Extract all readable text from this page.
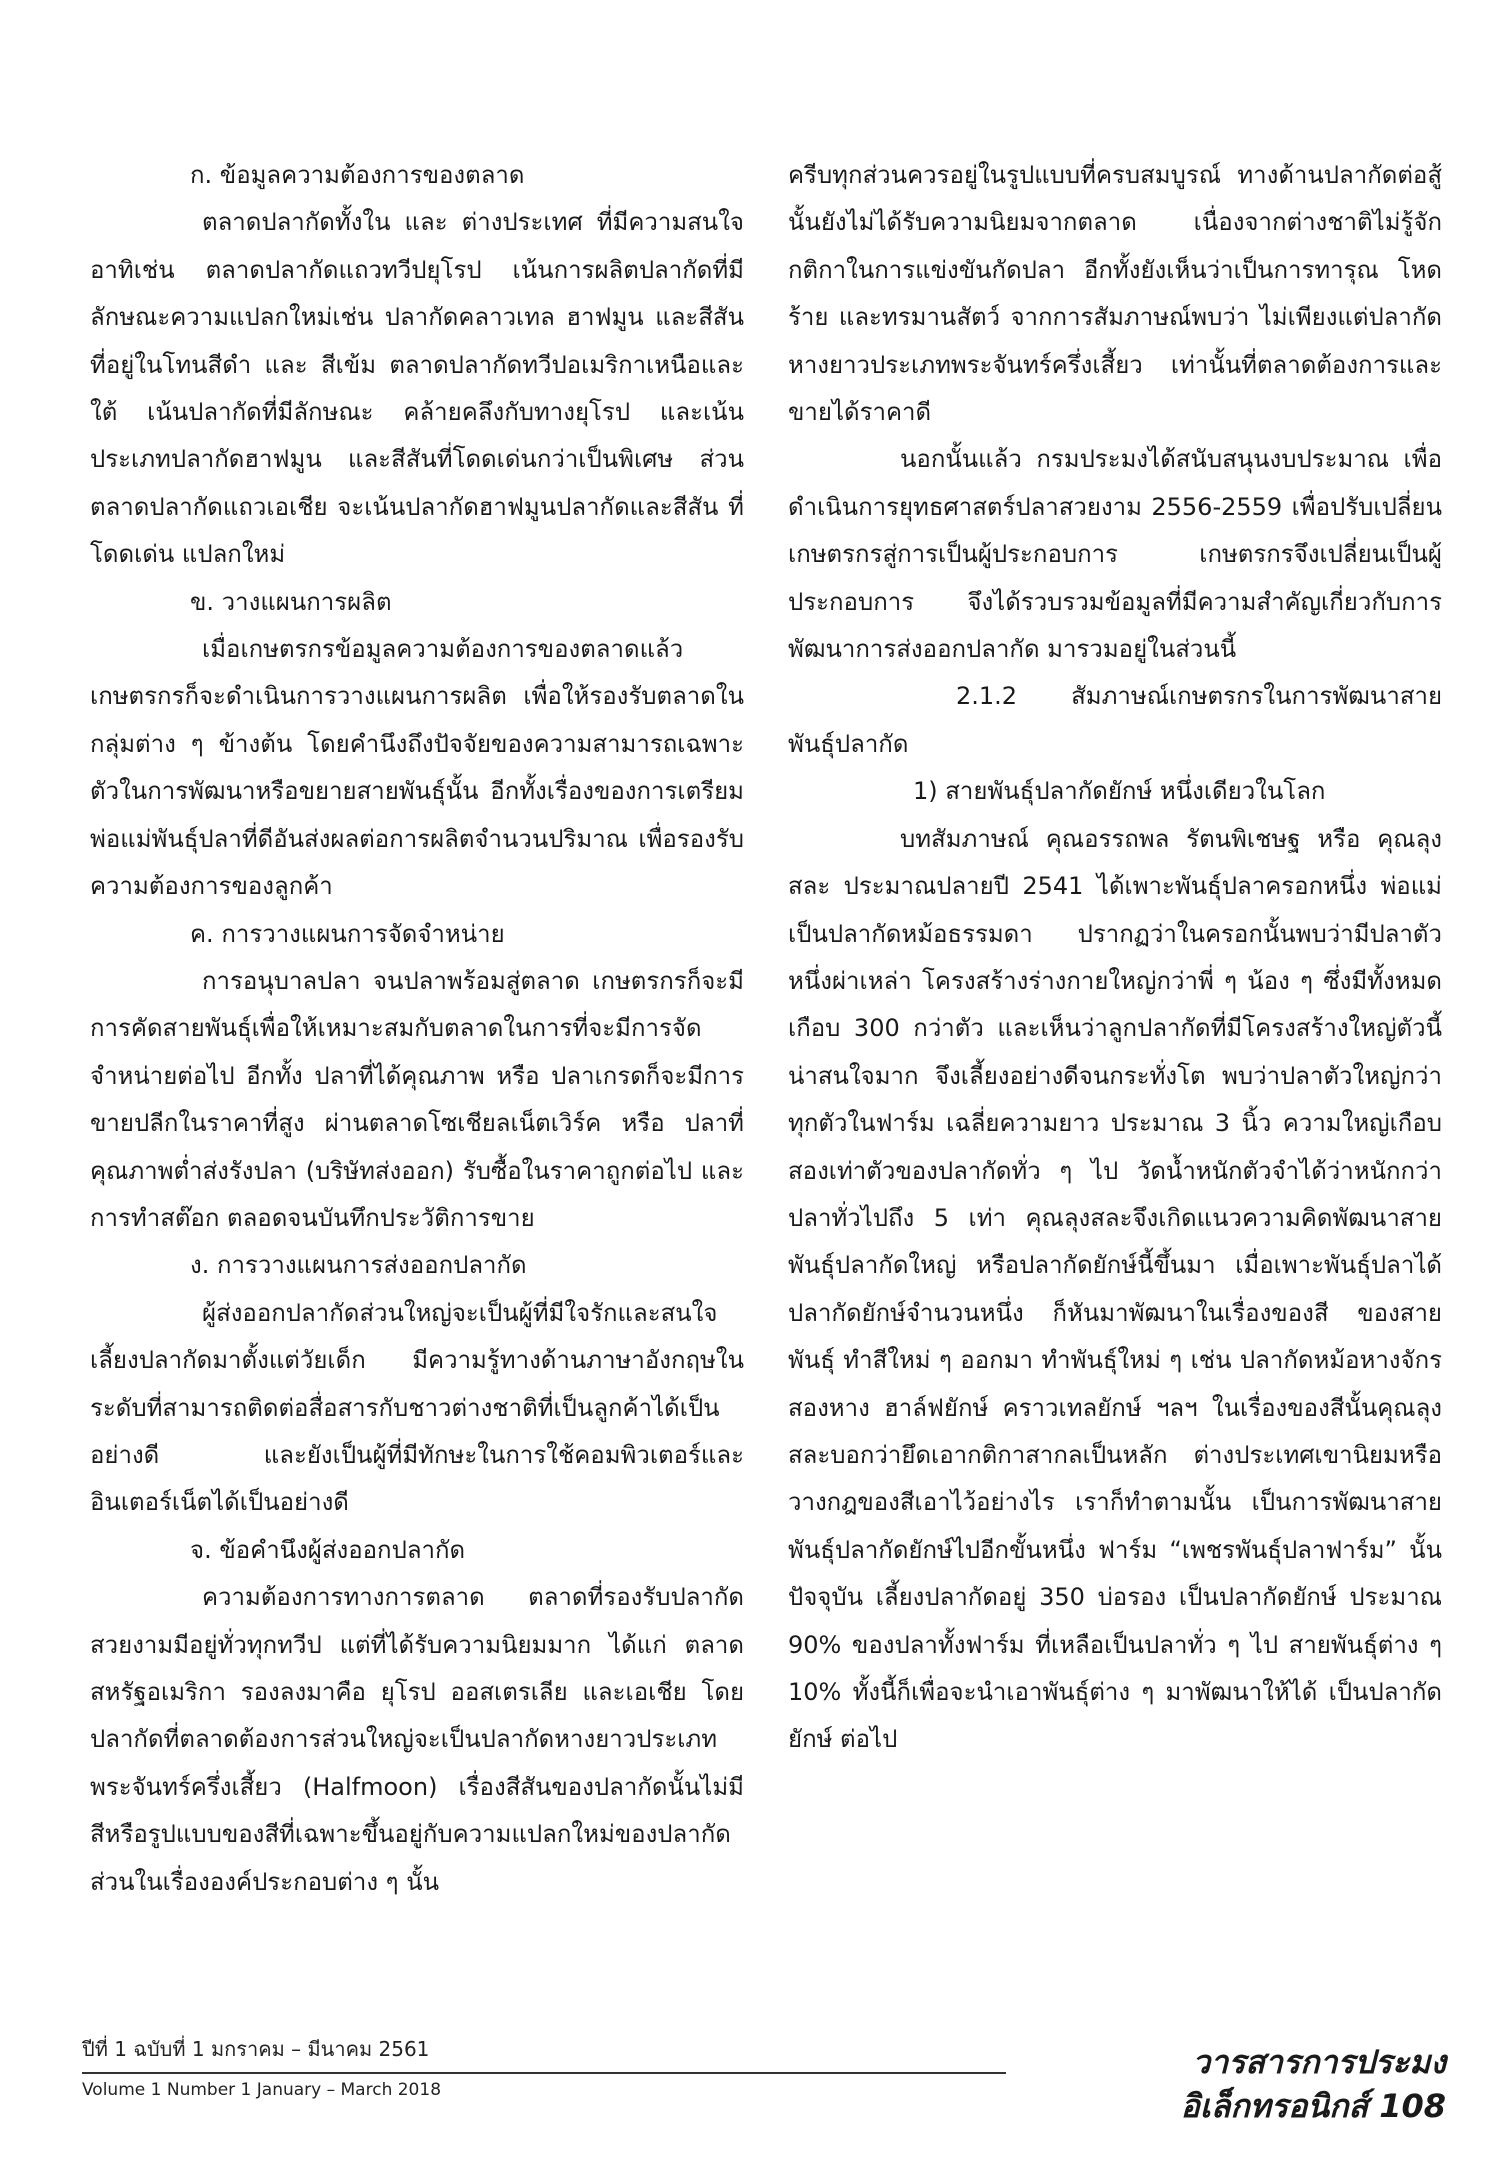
ก. ข้อมูลความต้องการของตลาด

ตลาดปลากัดทั้งใน และ ต่างประเทศ ที่มีความสนใจ อาทิเช่น ตลาดปลากัดแถวทวีปยุโรป เน้นการผลิตปลากัดที่มีลักษณะความแปลกใหม่เช่น ปลากัดคลาวเทล ฮาฟมูน และสีสัน ที่อยู่ในโทนสีดำ และ สีเข้ม ตลาดปลากัดทวีปอเมริกาเหนือและใต้ เน้นปลากัดที่มีลักษณะ คล้ายคลึงกับทางยุโรป และเน้นประเภทปลากัดฮาฟมูน และสีสันที่โดดเด่นกว่าเป็นพิเศษ ส่วนตลาดปลากัดแถวเอเชีย จะเน้นปลากัดฮาฟมูนปลากัดและสีสัน ที่โดดเด่น แปลกใหม่

ข. วางแผนการผลิต

เมื่อเกษตรกรข้อมูลความต้องการของตลาดแล้ว เกษตรกรก็จะดำเนินการวางแผนการผลิต เพื่อให้รองรับตลาดในกลุ่มต่าง ๆ ข้างต้น โดยคำนึงถึงปัจจัยของความสามารถเฉพาะตัวในการพัฒนาหรือขยายสายพันธุ์นั้น อีกทั้งเรื่องของการเตรียมพ่อแม่พันธุ์ปลาที่ดีอันส่งผลต่อการผลิตจำนวนปริมาณ เพื่อรองรับความต้องการของลูกค้า

ค. การวางแผนการจัดจำหน่าย

การอนุบาลปลา จนปลาพร้อมสู่ตลาด เกษตรกรก็จะมีการคัดสายพันธุ์เพื่อให้เหมาะสมกับตลาดในการที่จะมีการจัดจำหน่ายต่อไป อีกทั้ง ปลาที่ได้คุณภาพ หรือ ปลาเกรดก็จะมีการขายปลีกในราคาที่สูง ผ่านตลาดโซเชียลเน็ตเวิร์ค หรือ ปลาที่คุณภาพต่ำส่งรังปลา (บริษัทส่งออก) รับซื้อในราคาถูกต่อไป และการทำสต๊อก ตลอดจนบันทึกประวัติการขาย

ง. การวางแผนการส่งออกปลากัด

ผู้ส่งออกปลากัดส่วนใหญ่จะเป็นผู้ที่มีใจรักและสนใจเลี้ยงปลากัดมาตั้งแต่วัยเด็ก มีความรู้ทางด้านภาษาอังกฤษในระดับที่สามารถติดต่อสื่อสารกับชาวต่างชาติที่เป็นลูกค้าได้เป็นอย่างดี และยังเป็นผู้ที่มีทักษะในการใช้คอมพิวเตอร์และอินเตอร์เน็ตได้เป็นอย่างดี

จ. ข้อคำนึงผู้ส่งออกปลากัด

ความต้องการทางการตลาด ตลาดที่รองรับปลากัดสวยงามมีอยู่ทั่วทุกทวีป แต่ที่ได้รับความนิยมมาก ได้แก่ ตลาดสหรัฐอเมริกา รองลงมาคือ ยุโรป ออสเตรเลีย และเอเชีย โดยปลากัดที่ตลาดต้องการส่วนใหญ่จะเป็นปลากัดหางยาวประเภทพระจันทร์ครึ่งเสี้ยว (Halfmoon) เรื่องสีสันของปลากัดนั้นไม่มีสีหรือรูปแบบของสีที่เฉพาะขึ้นอยู่กับความแปลกใหม่ของปลากัด ส่วนในเรื่ององค์ประกอบต่าง ๆ นั้น

ครีบทุกส่วนควรอยู่ในรูปแบบที่ครบสมบูรณ์ ทางด้านปลากัดต่อสู้นั้นยังไม่ได้รับความนิยมจากตลาด เนื่องจากต่างชาติไม่รู้จักกติกาในการแข่งขันกัดปลา อีกทั้งยังเห็นว่าเป็นการทารุณ โหดร้าย และทรมานสัตว์ จากการสัมภาษณ์พบว่า ไม่เพียงแต่ปลากัดหางยาวประเภทพระจันทร์ครึ่งเสี้ยว เท่านั้นที่ตลาดต้องการและขายได้ราคาดี

นอกนั้นแล้ว กรมประมงได้สนับสนุนงบประมาณ เพื่อดำเนินการยุทธศาสตร์ปลาสวยงาม 2556-2559 เพื่อปรับเปลี่ยนเกษตรกรสู่การเป็นผู้ประกอบการ เกษตรกรจึงเปลี่ยนเป็นผู้ประกอบการ จึงได้รวบรวมข้อมูลที่มีความสำคัญเกี่ยวกับการพัฒนาการส่งออกปลากัด มารวมอยู่ในส่วนนี้

2.1.2 สัมภาษณ์เกษตรกรในการพัฒนาสายพันธุ์ปลากัด

1) สายพันธุ์ปลากัดยักษ์ หนึ่งเดียวในโลก

บทสัมภาษณ์ คุณอรรถพล รัตนพิเชษฐ หรือ คุณลุงสละ ประมาณปลายปี 2541 ได้เพาะพันธุ์ปลาครอกหนึ่ง พ่อแม่เป็นปลากัดหม้อธรรมดา ปรากฏว่าในครอกนั้นพบว่ามีปลาตัวหนึ่งผ่าเหล่า โครงสร้างร่างกายใหญ่กว่าพี่ ๆ น้อง ๆ ซึ่งมีทั้งหมดเกือบ 300 กว่าตัว และเห็นว่าลูกปลากัดที่มีโครงสร้างใหญ่ตัวนี้น่าสนใจมาก จึงเลี้ยงอย่างดีจนกระทั่งโต พบว่าปลาตัวใหญ่กว่าทุกตัวในฟาร์ม เฉลี่ยความยาว ประมาณ 3 นิ้ว ความใหญ่เกือบสองเท่าตัวของปลากัดทั่ว ๆ ไป วัดน้ำหนักตัวจำได้ว่าหนักกว่าปลาทั่วไปถึง 5 เท่า คุณลุงสละจึงเกิดแนวความคิดพัฒนาสายพันธุ์ปลากัดใหญ่ หรือปลากัดยักษ์นี้ขึ้นมา เมื่อเพาะพันธุ์ปลาได้ปลากัดยักษ์จำนวนหนึ่ง ก็หันมาพัฒนาในเรื่องของสี ของสายพันธุ์ ทำสีใหม่ ๆ ออกมา ทำพันธุ์ใหม่ ๆ เช่น ปลากัดหม้อหางจักร สองหาง ฮาล์ฟยักษ์ คราวเทลยักษ์ ฯลฯ ในเรื่องของสีนั้นคุณลุงสละบอกว่ายึดเอากติกาสากลเป็นหลัก ต่างประเทศเขานิยมหรือวางกฎของสีเอาไว้อย่างไร เราก็ทำตามนั้น เป็นการพัฒนาสายพันธุ์ปลากัดยักษ์ไปอีกขั้นหนึ่ง ฟาร์ม “เพชรพันธุ์ปลาฟาร์ม” นั้นปัจจุบัน เลี้ยงปลากัดอยู่ 350 บ่อรอง เป็นปลากัดยักษ์ ประมาณ 90% ของปลาทั้งฟาร์ม ที่เหลือเป็นปลาทั่ว ๆ ไป สายพันธุ์ต่าง ๆ 10% ทั้งนี้ก็เพื่อจะนำเอาพันธุ์ต่าง ๆ มาพัฒนาให้ได้ เป็นปลากัดยักษ์ ต่อไป

ปีที่ 1 ฉบับที่ 1 มกราคม – มีนาคม 2561
Volume 1 Number 1 January – March 2018
วารสารการประมงอิเล็กทรอนิกส์ 108
